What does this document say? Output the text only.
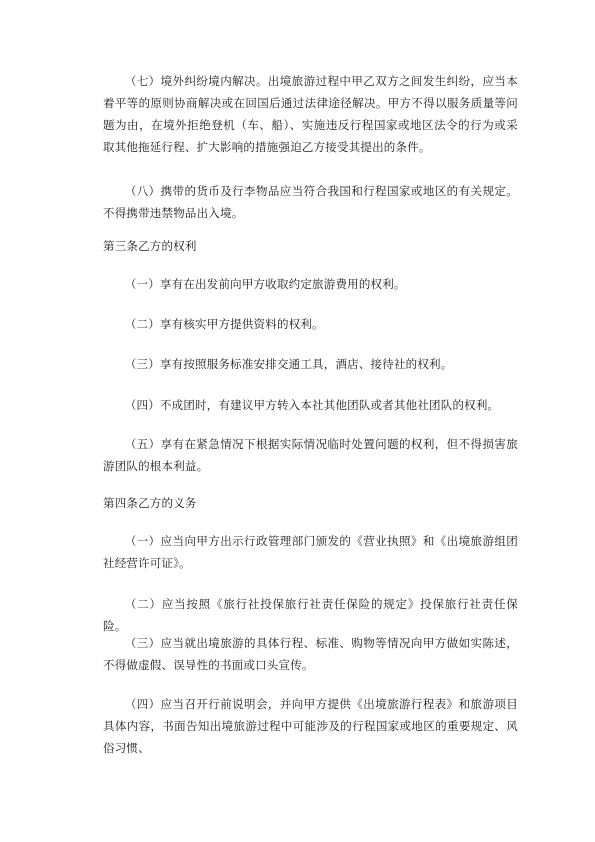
（七）境外纠纷境内解决。出境旅游过程中甲乙双方之间发生纠纷，应当本着平等的原则协商解决或在回国后通过法律途径解决。甲方不得以服务质量等问题为由，在境外拒绝登机（车、船）、实施违反行程国家或地区法令的行为或采取其他拖延行程、扩大影响的措施强迫乙方接受其提出的条件。

（八）携带的货币及行李物品应当符合我国和行程国家或地区的有关规定。不得携带违禁物品出入境。

第三条乙方的权利

（一）享有在出发前向甲方收取约定旅游费用的权利。

（二）享有核实甲方提供资料的权利。

（三）享有按照服务标准安排交通工具，酒店、接待社的权利。

（四）不成团时，有建议甲方转入本社其他团队或者其他社团队的权利。

（五）享有在紧急情况下根据实际情况临时处置问题的权利，但不得损害旅游团队的根本利益。

第四条乙方的义务

（一）应当向甲方出示行政管理部门颁发的《营业执照》和《出境旅游组团社经营许可证》。

（二）应当按照《旅行社投保旅行社责任保险的规定》投保旅行社责任保险。

（三）应当就出境旅游的具体行程、标准、购物等情况向甲方做如实陈述，不得做虚假、误导性的书面或口头宣传。

（四）应当召开行前说明会，并向甲方提供《出境旅游行程表》和旅游项目具体内容，书面告知出境旅游过程中可能涉及的行程国家或地区的重要规定、风俗习惯、
